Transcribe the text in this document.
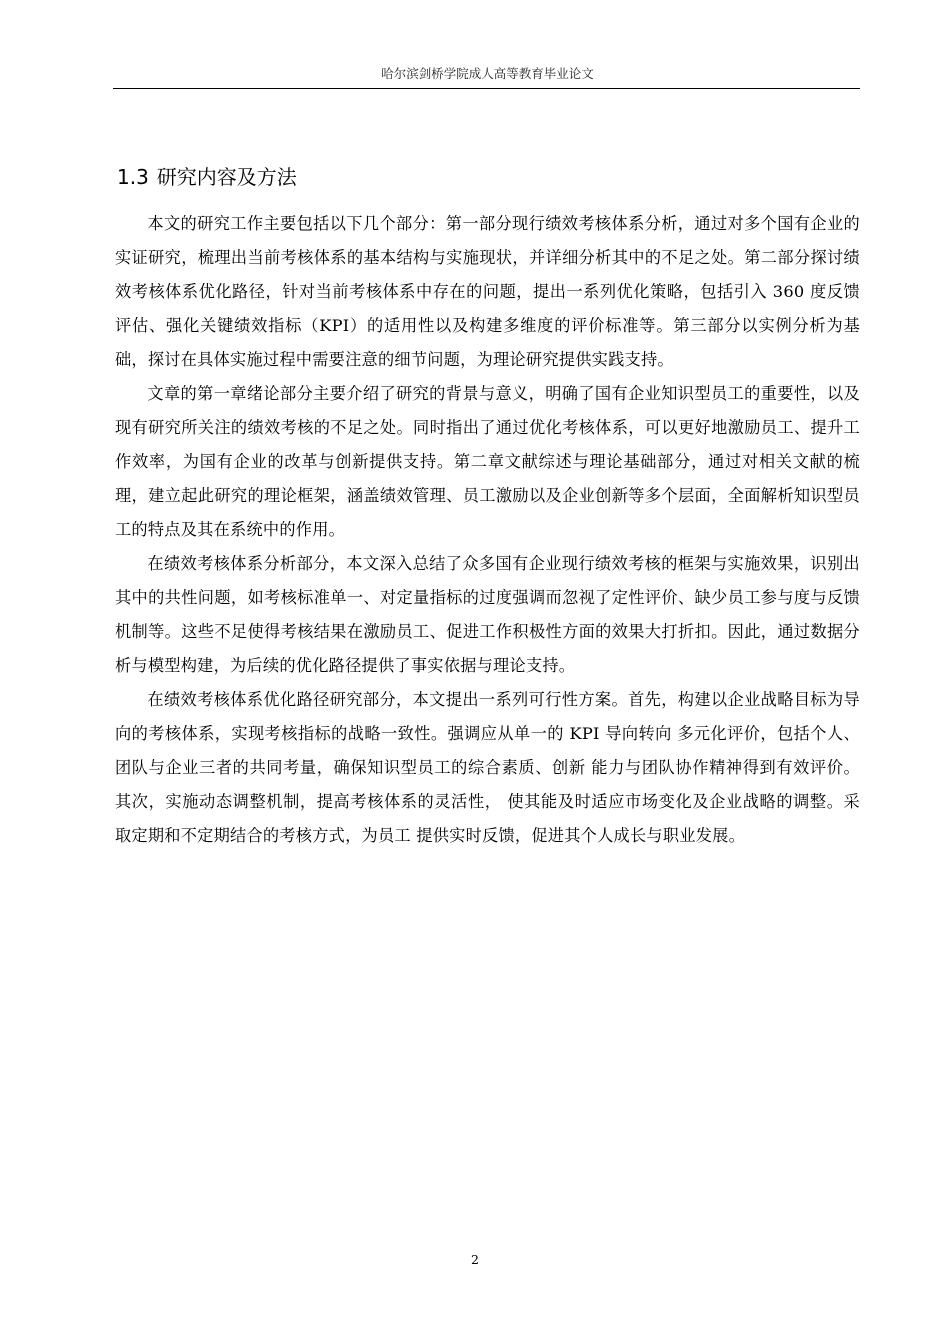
哈尔滨剑桥学院成人高等教育毕业论文
1.3 研究内容及方法

本文的研究工作主要包括以下几个部分：第一部分现行绩效考核体系分析，通过对多个国有企业的实证研究，梳理出当前考核体系的基本结构与实施现状，并详细分析其中的不足之处。第二部分探讨绩效考核体系优化路径，针对当前考核体系中存在的问题，提出一系列优化策略，包括引入 360 度反馈评估、强化关键绩效指标（KPI）的适用性以及构建多维度的评价标准等。第三部分以实例分析为基础，探讨在具体实施过程中需要注意的细节问题，为理论研究提供实践支持。

文章的第一章绪论部分主要介绍了研究的背景与意义，明确了国有企业知识型员工的重要性，以及现有研究所关注的绩效考核的不足之处。同时指出了通过优化考核体系，可以更好地激励员工、提升工作效率，为国有企业的改革与创新提供支持。第二章文献综述与理论基础部分，通过对相关文献的梳理，建立起此研究的理论框架，涵盖绩效管理、员工激励以及企业创新等多个层面，全面解析知识型员工的特点及其在系统中的作用。

在绩效考核体系分析部分，本文深入总结了众多国有企业现行绩效考核的框架与实施效果，识别出其中的共性问题，如考核标准单一、对定量指标的过度强调而忽视了定性评价、缺少员工参与度与反馈机制等。这些不足使得考核结果在激励员工、促进工作积极性方面的效果大打折扣。因此，通过数据分析与模型构建，为后续的优化路径提供了事实依据与理论支持。

在绩效考核体系优化路径研究部分，本文提出一系列可行性方案。首先，构建以企业战略目标为导向的考核体系，实现考核指标的战略一致性。强调应从单一的 KPI 导向转向 多元化评价，包括个人、团队与企业三者的共同考量，确保知识型员工的综合素质、创新 能力与团队协作精神得到有效评价。其次，实施动态调整机制，提高考核体系的灵活性， 使其能及时适应市场变化及企业战略的调整。采取定期和不定期结合的考核方式，为员工 提供实时反馈，促进其个人成长与职业发展。

2
